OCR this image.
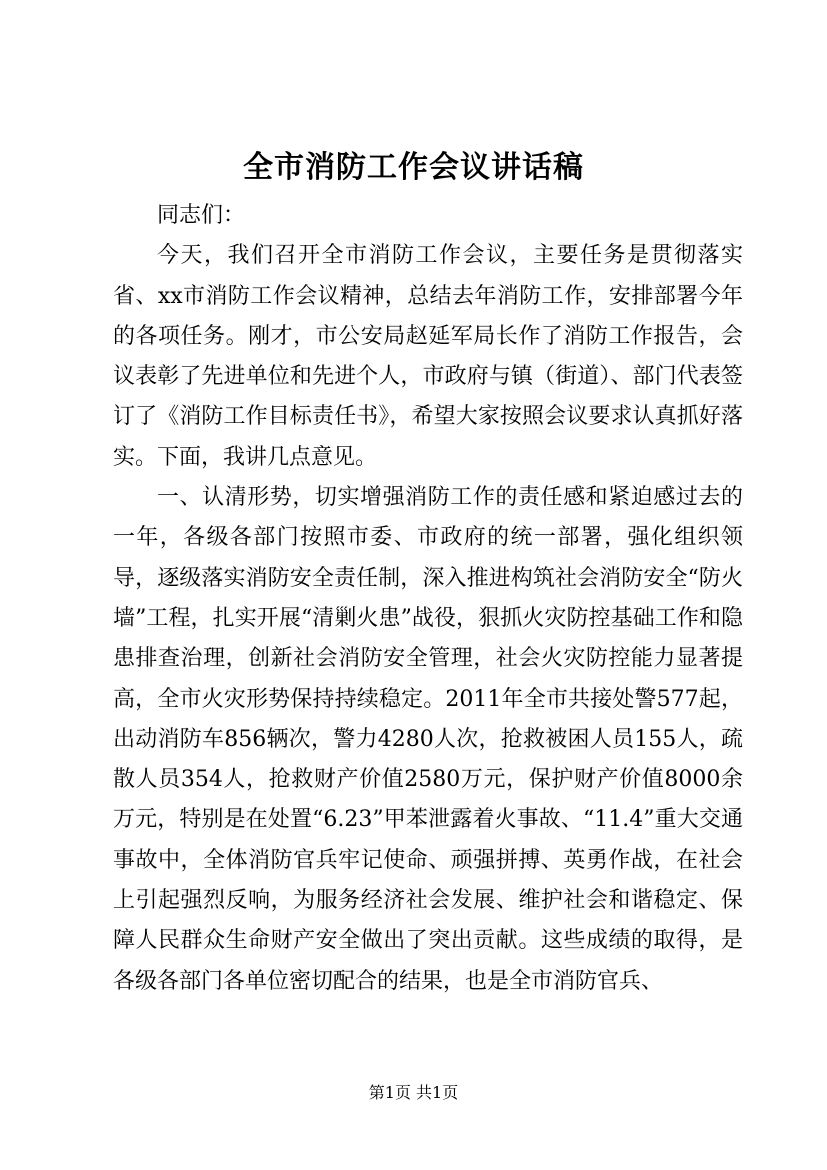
全市消防工作会议讲话稿

同志们：

今天，我们召开全市消防工作会议，主要任务是贯彻落实省、xx市消防工作会议精神，总结去年消防工作，安排部署今年的各项任务。刚才，市公安局赵延军局长作了消防工作报告，会议表彰了先进单位和先进个人，市政府与镇（街道）、部门代表签订了《消防工作目标责任书》，希望大家按照会议要求认真抓好落实。下面，我讲几点意见。

一、认清形势，切实增强消防工作的责任感和紧迫感过去的一年，各级各部门按照市委、市政府的统一部署，强化组织领导，逐级落实消防安全责任制，深入推进构筑社会消防安全“防火墙”工程，扎实开展“清剿火患”战役，狠抓火灾防控基础工作和隐患排查治理，创新社会消防安全管理，社会火灾防控能力显著提高，全市火灾形势保持持续稳定。2011年全市共接处警577起，出动消防车856辆次，警力4280人次，抢救被困人员155人，疏散人员354人，抢救财产价值2580万元，保护财产价值8000余万元，特别是在处置“6.23”甲苯泄露着火事故、“11.4”重大交通事故中，全体消防官兵牢记使命、顽强拼搏、英勇作战，在社会上引起强烈反响，为服务经济社会发展、维护社会和谐稳定、保障人民群众生命财产安全做出了突出贡献。这些成绩的取得，是各级各部门各单位密切配合的结果，也是全市消防官兵、

第1页 共1页
